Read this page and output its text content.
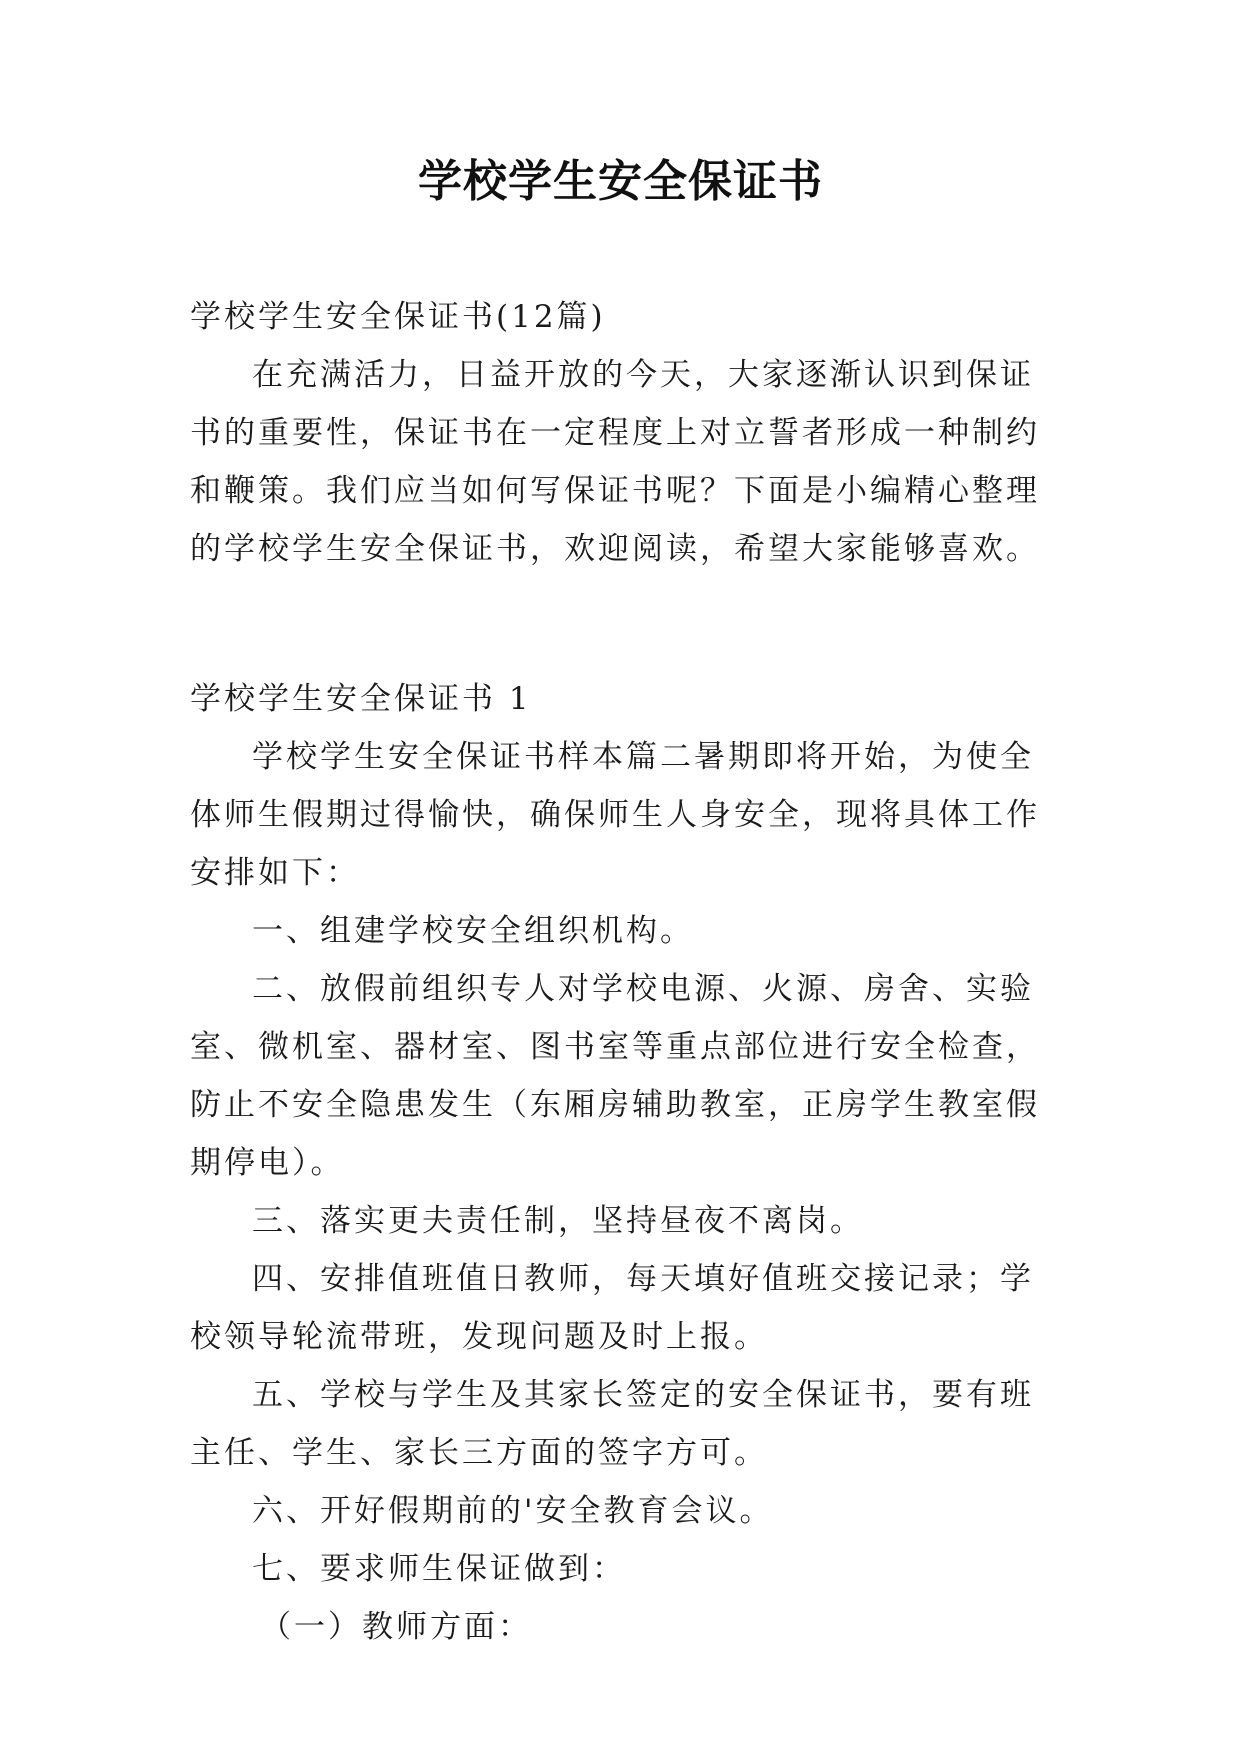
学校学生安全保证书

学校学生安全保证书(12篇)

在充满活力，日益开放的今天，大家逐渐认识到保证书的重要性，保证书在一定程度上对立誓者形成一种制约和鞭策。我们应当如何写保证书呢？下面是小编精心整理的学校学生安全保证书，欢迎阅读，希望大家能够喜欢。

学校学生安全保证书 1

学校学生安全保证书样本篇二暑期即将开始，为使全体师生假期过得愉快，确保师生人身安全，现将具体工作安排如下：

一、组建学校安全组织机构。

二、放假前组织专人对学校电源、火源、房舍、实验室、微机室、器材室、图书室等重点部位进行安全检查，防止不安全隐患发生（东厢房辅助教室，正房学生教室假期停电）。

三、落实更夫责任制，坚持昼夜不离岗。

四、安排值班值日教师，每天填好值班交接记录；学校领导轮流带班，发现问题及时上报。

五、学校与学生及其家长签定的安全保证书，要有班主任、学生、家长三方面的签字方可。

六、开好假期前的'安全教育会议。

七、要求师生保证做到：

（一）教师方面：
